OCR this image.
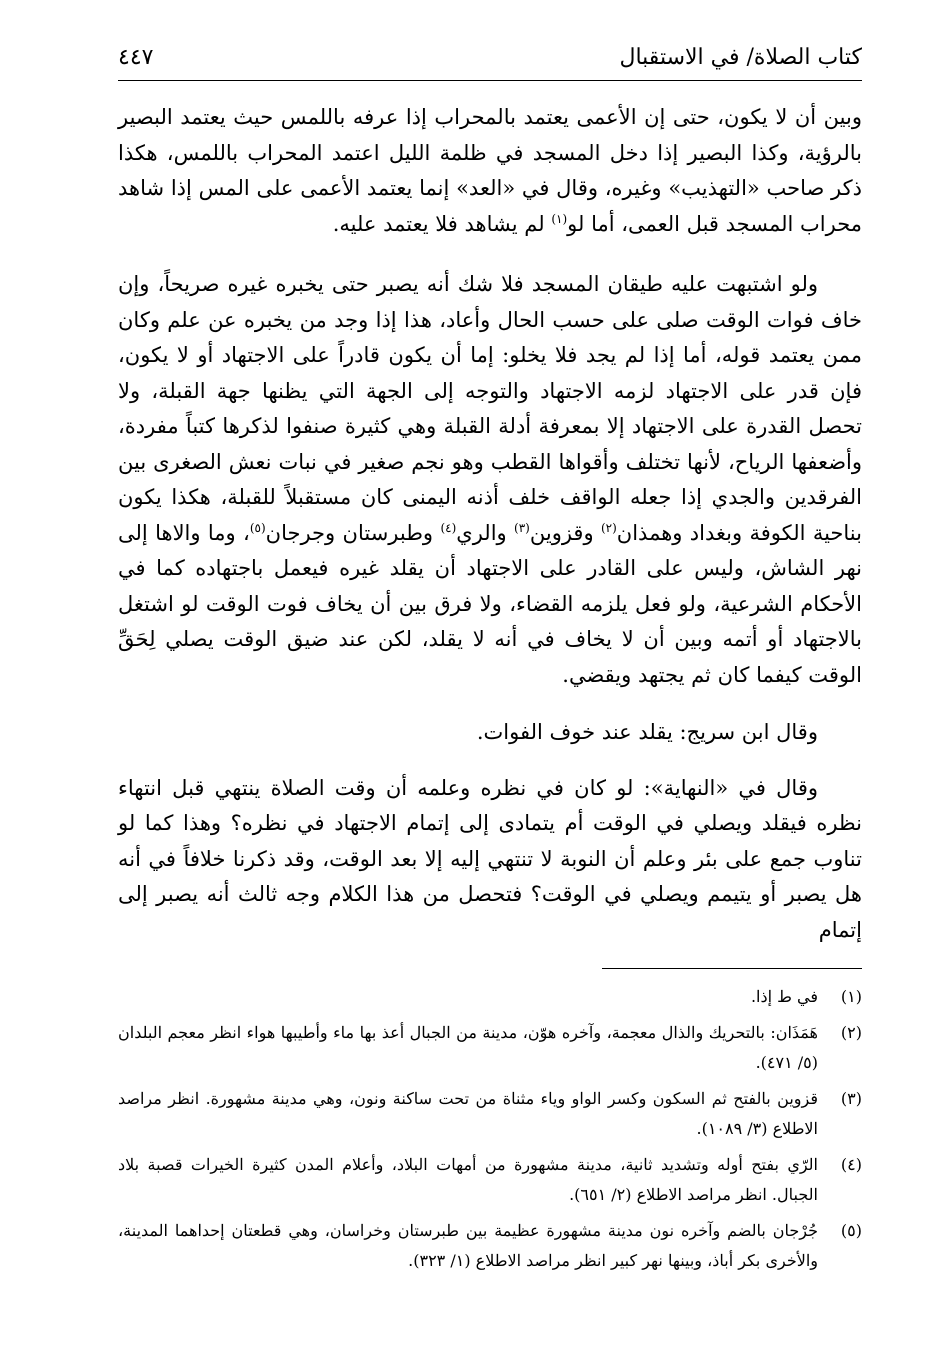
كتاب الصلاة/ في الاستقبال
٤٤٧

وبين أن لا يكون، حتى إن الأعمى يعتمد بالمحراب إذا عرفه باللمس حيث يعتمد البصير بالرؤية، وكذا البصير إذا دخل المسجد في ظلمة الليل اعتمد المحراب باللمس، هكذا ذكر صاحب «التهذيب» وغيره، وقال في «العد» إنما يعتمد الأعمى على المس إذا شاهد محراب المسجد قبل العمى، أما لو$^{(١)}$ لم يشاهد فلا يعتمد عليه.

ولو اشتبهت عليه طيقان المسجد فلا شك أنه يصبر حتى يخبره غيره صريحاً، وإن خاف فوات الوقت صلى على حسب الحال وأعاد، هذا إذا وجد من يخبره عن علم وكان ممن يعتمد قوله، أما إذا لم يجد فلا يخلو: إما أن يكون قادراً على الاجتهاد أو لا يكون، فإن قدر على الاجتهاد لزمه الاجتهاد والتوجه إلى الجهة التي يظنها جهة القبلة، ولا تحصل القدرة على الاجتهاد إلا بمعرفة أدلة القبلة وهي كثيرة صنفوا لذكرها كتباً مفردة، وأضعفها الرياح، لأنها تختلف وأقواها القطب وهو نجم صغير في نبات نعش الصغرى بين الفرقدين والجدي إذا جعله الواقف خلف أذنه اليمنى كان مستقبلاً للقبلة، هكذا يكون بناحية الكوفة وبغداد وهمذان$^{(٢)}$ وقزوين$^{(٣)}$ والري$^{(٤)}$ وطبرستان وجرجان$^{(٥)}$، وما والاها إلى نهر الشاش، وليس على القادر على الاجتهاد أن يقلد غيره فيعمل باجتهاده كما في الأحكام الشرعية، ولو فعل يلزمه القضاء، ولا فرق بين أن يخاف فوت الوقت لو اشتغل بالاجتهاد أو أتمه وبين أن لا يخاف في أنه لا يقلد، لكن عند ضيق الوقت يصلي لِحَقِّ الوقت كيفما كان ثم يجتهد ويقضي.

وقال ابن سريج: يقلد عند خوف الفوات.

وقال في «النهاية»: لو كان في نظره وعلمه أن وقت الصلاة ينتهي قبل انتهاء نظره فيقلد ويصلي في الوقت أم يتمادى إلى إتمام الاجتهاد في نظره؟ وهذا كما لو تناوب جمع على بئر وعلم أن النوبة لا تنتهي إليه إلا بعد الوقت، وقد ذكرنا خلافاً في أنه هل يصبر أو يتيمم ويصلي في الوقت؟ فتحصل من هذا الكلام وجه ثالث أنه يصبر إلى إتمام

(١)
في ط إذا.
(٢)
هَمَذَان: بالتحريك والذال معجمة، وآخره هوّن، مدينة من الجبال أعذ بها ماء وأطيبها هواء انظر معجم البلدان (٥/ ٤٧١).
(٣)
قزوين بالفتح ثم السكون وكسر الواو وياء مثناة من تحت ساكنة ونون، وهي مدينة مشهورة. انظر مراصد الاطلاع (٣/ ١٠٨٩).
(٤)
الرّي بفتح أوله وتشديد ثانية، مدينة مشهورة من أمهات البلاد، وأعلام المدن كثيرة الخيرات قصبة بلاد الجبال. انظر مراصد الاطلاع (٢/ ٦٥١).
(٥)
جُرْجان بالضم وآخره نون مدينة مشهورة عظيمة بين طبرستان وخراسان، وهي قطعتان إحداهما المدينة، والأخرى بكر أباذ، وبينها نهر كبير انظر مراصد الاطلاع (١/ ٣٢٣).
